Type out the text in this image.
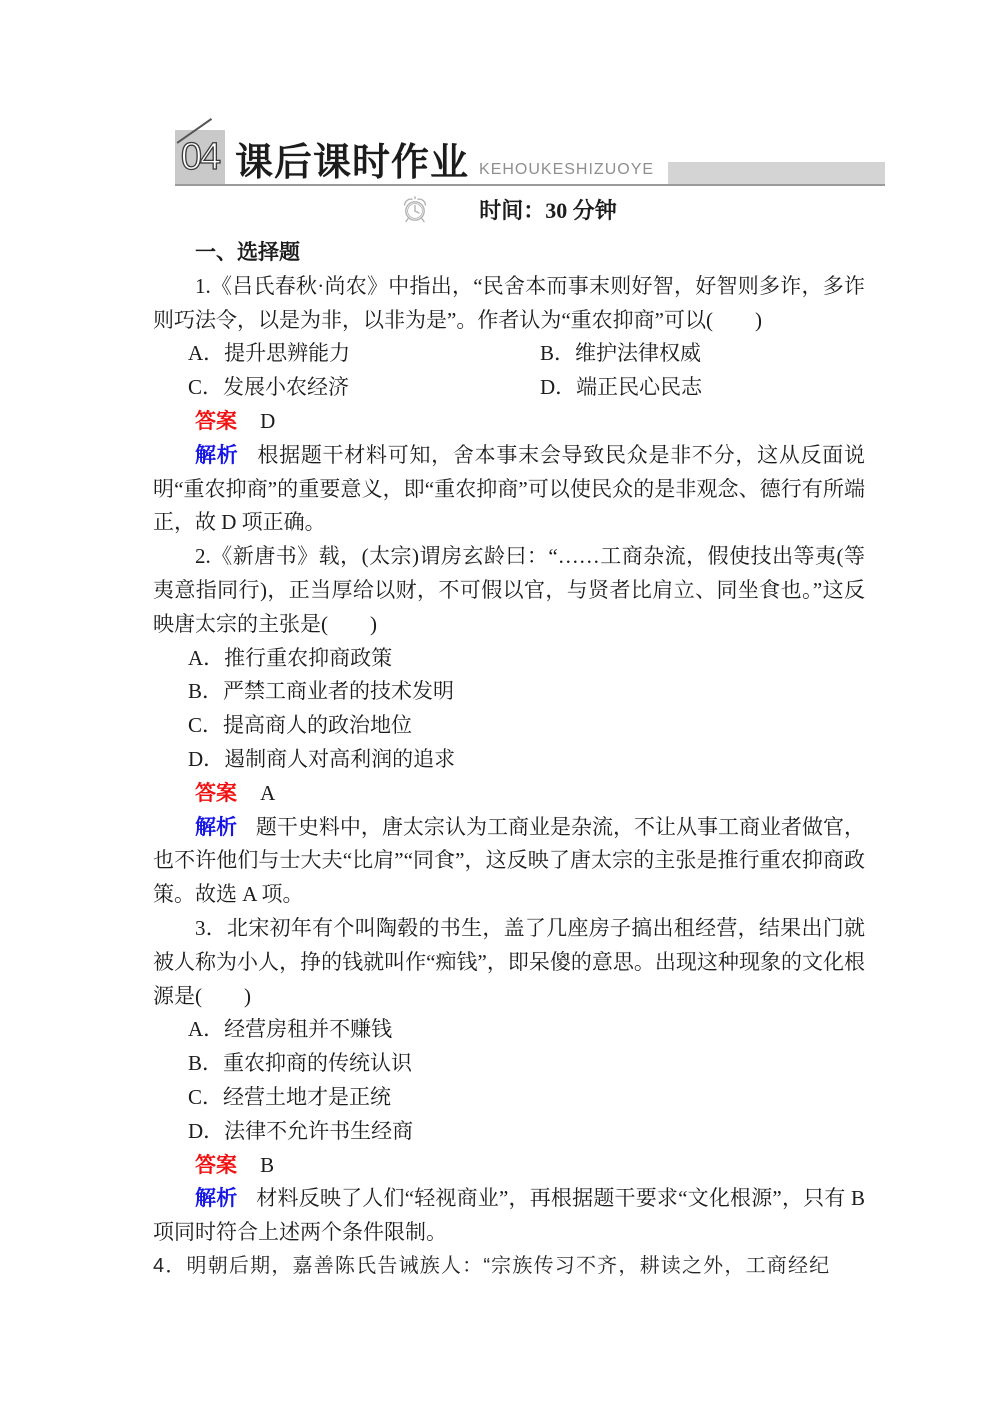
04 课后课时作业 KEHOUKESHIZUOYE
时间：30 分钟

一、选择题

1.《吕氏春秋·尚农》中指出，“民舍本而事末则好智，好智则多诈，多诈则巧法令，以是为非，以非为是”。作者认为“重农抑商”可以(　　)

A．提升思辨能力	B．维护法律权威
C．发展小农经济	D．端正民心民志

答案 D

解析 根据题干材料可知，舍本事末会导致民众是非不分，这从反面说明“重农抑商”的重要意义，即“重农抑商”可以使民众的是非观念、德行有所端正，故 D 项正确。

2.《新唐书》载，(太宗)谓房玄龄曰：“……工商杂流，假使技出等夷(等夷意指同行)，正当厚给以财，不可假以官，与贤者比肩立、同坐食也。”这反映唐太宗的主张是(　　)

A．推行重农抑商政策
B．严禁工商业者的技术发明
C．提高商人的政治地位
D．遏制商人对高利润的追求

答案 A

解析 题干史料中，唐太宗认为工商业是杂流，不让从事工商业者做官，也不许他们与士大夫“比肩”“同食”，这反映了唐太宗的主张是推行重农抑商政策。故选 A 项。

3．北宋初年有个叫陶毂的书生，盖了几座房子搞出租经营，结果出门就被人称为小人，挣的钱就叫作“痴钱”，即呆傻的意思。出现这种现象的文化根源是(　　)

A．经营房租并不赚钱
B．重农抑商的传统认识
C．经营土地才是正统
D．法律不允许书生经商

答案 B

解析 材料反映了人们“轻视商业”，再根据题干要求“文化根源”，只有 B 项同时符合上述两个条件限制。

4．明朝后期，嘉善陈氏告诫族人：“宗族传习不齐，耕读之外，工商经纪
